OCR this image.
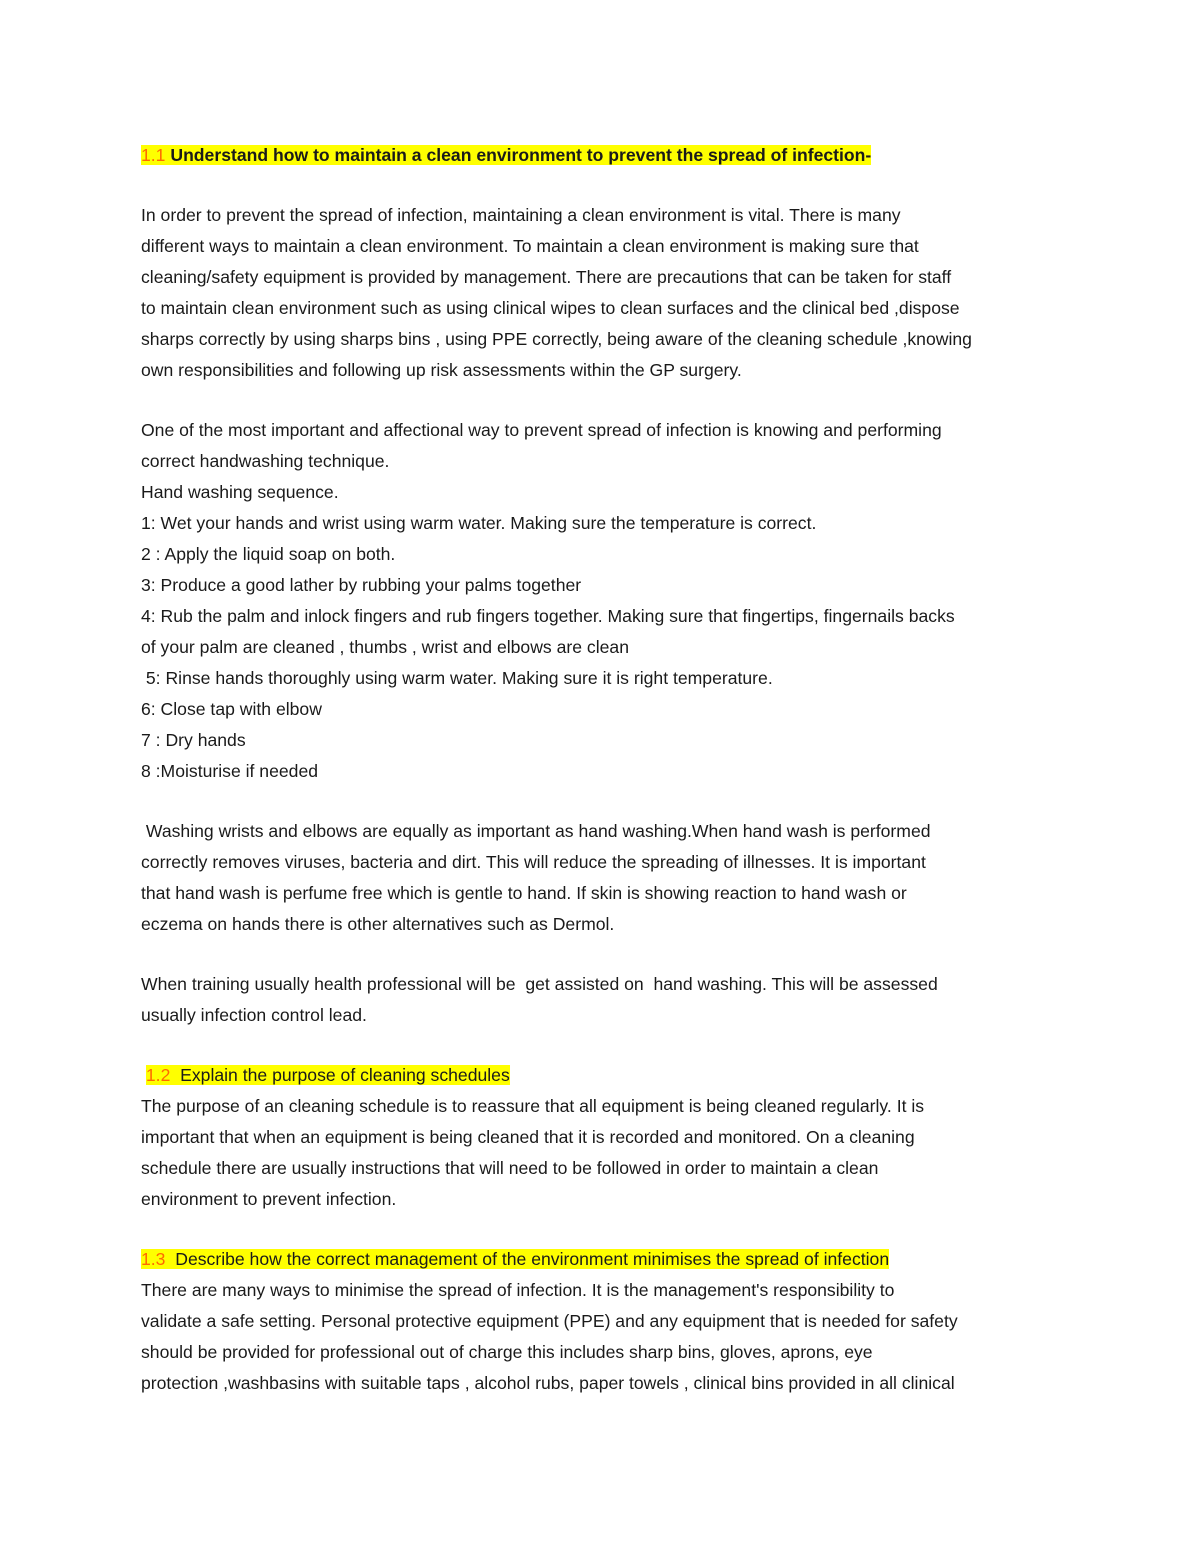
1.1 Understand how to maintain a clean environment to prevent the spread of infection-

In order to prevent the spread of infection, maintaining a clean environment is vital. There is many

different ways to maintain a clean environment. To maintain a clean environment is making sure that

cleaning/safety equipment is provided by management. There are precautions that can be taken for staff

to maintain clean environment such as using clinical wipes to clean surfaces and the clinical bed ,dispose

sharps correctly by using sharps bins , using PPE correctly, being aware of the cleaning schedule ,knowing

own responsibilities and following up risk assessments within the GP surgery.

One of the most important and affectional way to prevent spread of infection is knowing and performing

correct handwashing technique.

Hand washing sequence.

1: Wet your hands and wrist using warm water. Making sure the temperature is correct.

2 : Apply the liquid soap on both.

3: Produce a good lather by rubbing your palms together

4: Rub the palm and inlock fingers and rub fingers together. Making sure that fingertips, fingernails backs

of your palm are cleaned , thumbs , wrist and elbows are clean

5: Rinse hands thoroughly using warm water. Making sure it is right temperature.

6: Close tap with elbow

7 : Dry hands

8 :Moisturise if needed

Washing wrists and elbows are equally as important as hand washing.When hand wash is performed

correctly removes viruses, bacteria and dirt. This will reduce the spreading of illnesses. It is important

that hand wash is perfume free which is gentle to hand. If skin is showing reaction to hand wash or

eczema on hands there is other alternatives such as Dermol.

When training usually health professional will be  get assisted on  hand washing. This will be assessed

usually infection control lead.

1.2  Explain the purpose of cleaning schedules

The purpose of an cleaning schedule is to reassure that all equipment is being cleaned regularly. It is

important that when an equipment is being cleaned that it is recorded and monitored. On a cleaning

schedule there are usually instructions that will need to be followed in order to maintain a clean

environment to prevent infection.

1.3  Describe how the correct management of the environment minimises the spread of infection

There are many ways to minimise the spread of infection. It is the management's responsibility to

validate a safe setting. Personal protective equipment (PPE) and any equipment that is needed for safety

should be provided for professional out of charge this includes sharp bins, gloves, aprons, eye

protection ,washbasins with suitable taps , alcohol rubs, paper towels , clinical bins provided in all clinical
